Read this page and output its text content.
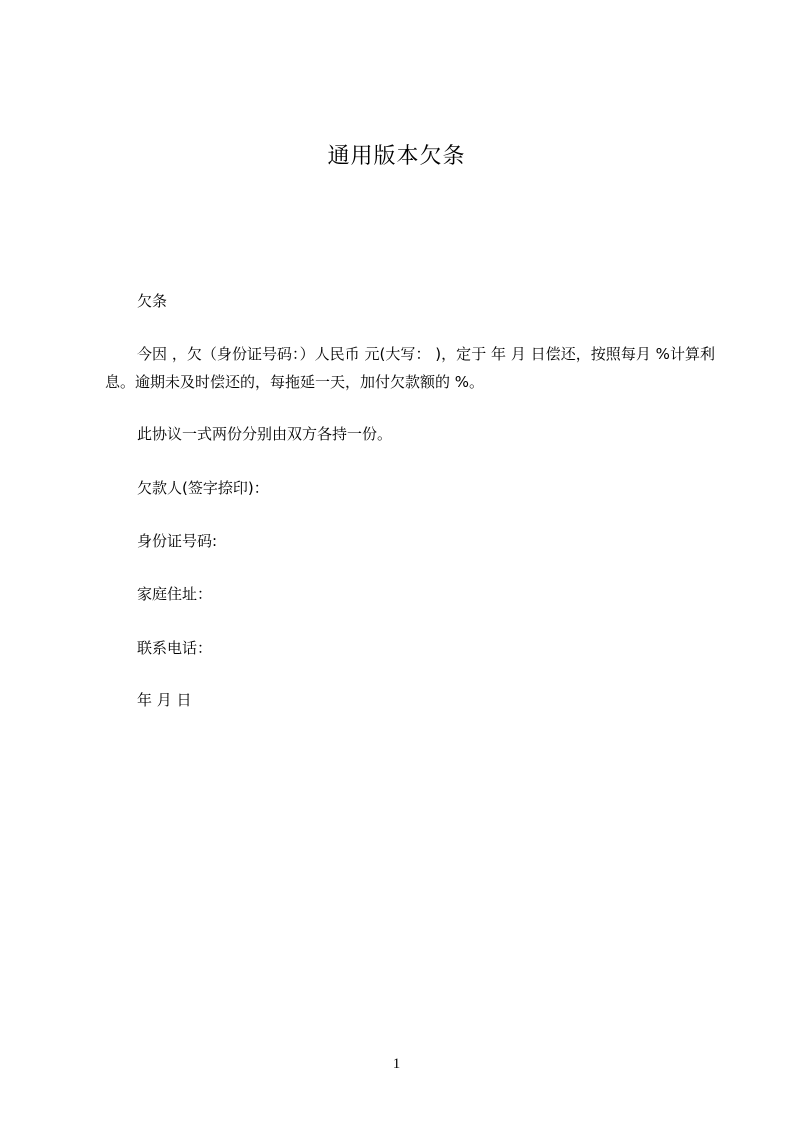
通用版本欠条
欠条
今因 ，欠（身份证号码：）人民币 元(大写： )，定于 年 月 日偿还，按照每月 %计算利息。逾期未及时偿还的，每拖延一天，加付欠款额的 %。
此协议一式两份分别由双方各持一份。
欠款人(签字捺印)：
身份证号码:
家庭住址：
联系电话：
年 月 日
1
